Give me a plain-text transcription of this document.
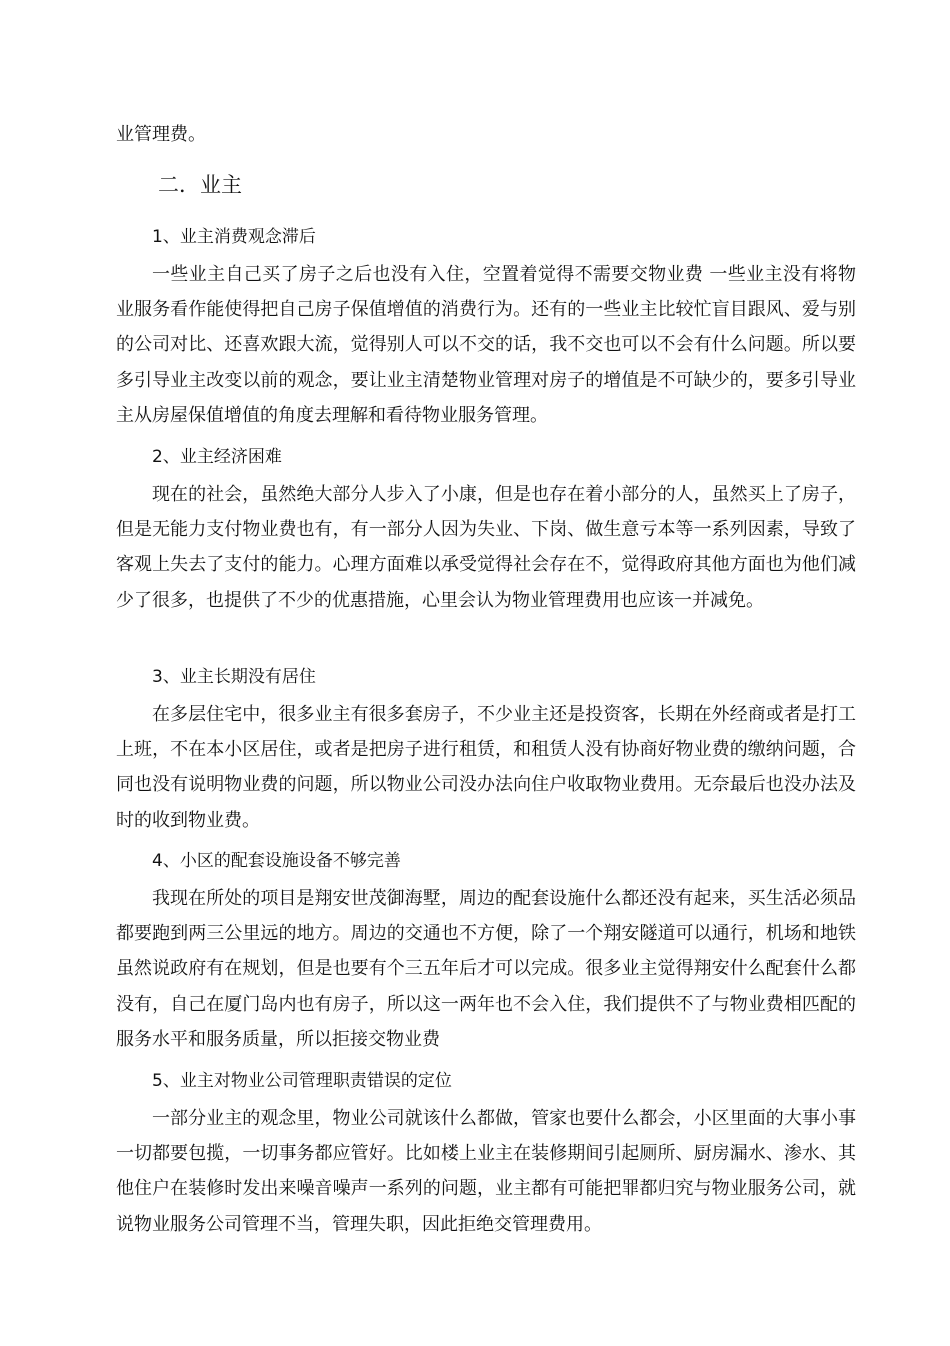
业管理费。

二．业主
1、业主消费观念滞后

一些业主自己买了房子之后也没有入住，空置着觉得不需要交物业费 一些业主没有将物业服务看作能使得把自己房子保值增值的消费行为。还有的一些业主比较忙盲目跟风、爱与别的公司对比、还喜欢跟大流，觉得别人可以不交的话，我不交也可以不会有什么问题。所以要多引导业主改变以前的观念，要让业主清楚物业管理对房子的增值是不可缺少的，要多引导业主从房屋保值增值的角度去理解和看待物业服务管理。

2、业主经济困难

现在的社会，虽然绝大部分人步入了小康，但是也存在着小部分的人，虽然买上了房子，但是无能力支付物业费也有，有一部分人因为失业、下岗、做生意亏本等一系列因素，导致了客观上失去了支付的能力。心理方面难以承受觉得社会存在不，觉得政府其他方面也为他们减少了很多，也提供了不少的优惠措施，心里会认为物业管理费用也应该一并减免。

3、业主长期没有居住

在多层住宅中，很多业主有很多套房子，不少业主还是投资客，长期在外经商或者是打工上班，不在本小区居住，或者是把房子进行租赁，和租赁人没有协商好物业费的缴纳问题，合同也没有说明物业费的问题，所以物业公司没办法向住户收取物业费用。无奈最后也没办法及时的收到物业费。

4、小区的配套设施设备不够完善

我现在所处的项目是翔安世茂御海墅，周边的配套设施什么都还没有起来，买生活必须品都要跑到两三公里远的地方。周边的交通也不方便，除了一个翔安隧道可以通行，机场和地铁虽然说政府有在规划，但是也要有个三五年后才可以完成。很多业主觉得翔安什么配套什么都没有，自己在厦门岛内也有房子，所以这一两年也不会入住，我们提供不了与物业费相匹配的服务水平和服务质量，所以拒接交物业费

5、业主对物业公司管理职责错误的定位

一部分业主的观念里，物业公司就该什么都做，管家也要什么都会，小区里面的大事小事一切都要包揽，一切事务都应管好。比如楼上业主在装修期间引起厕所、厨房漏水、渗水、其他住户在装修时发出来噪音噪声一系列的问题，业主都有可能把罪都归究与物业服务公司，就说物业服务公司管理不当，管理失职，因此拒绝交管理费用。
